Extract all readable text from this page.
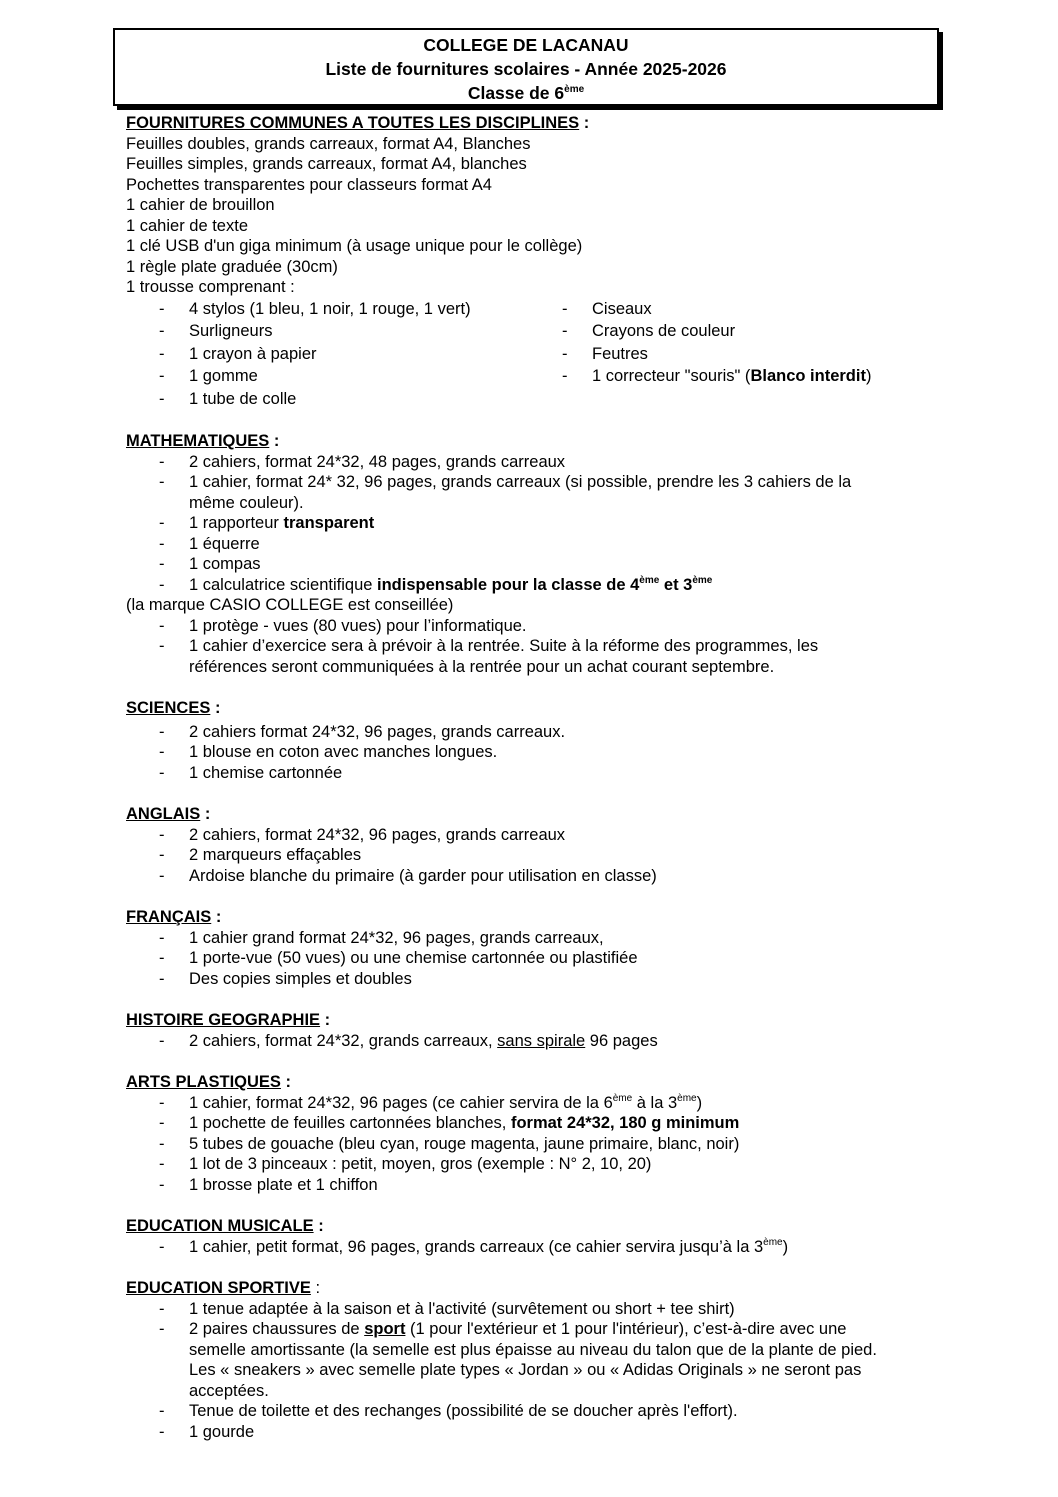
COLLEGE DE LACANAU
Liste de fournitures scolaires - Année 2025-2026
Classe de 6ème
FOURNITURES COMMUNES A TOUTES LES DISCIPLINES :
Feuilles doubles, grands carreaux, format A4, Blanches
Feuilles simples, grands carreaux, format A4, blanches
Pochettes transparentes pour classeurs format A4
1 cahier de brouillon
1 cahier de texte
1 clé USB d'un giga minimum (à usage unique pour le collège)
1 règle plate graduée (30cm)
1 trousse comprenant :
- 4 stylos (1 bleu, 1 noir, 1 rouge, 1 vert)
- Surligneurs
- 1 crayon à papier
- 1 gomme
- 1 tube de colle
- Ciseaux
- Crayons de couleur
- Feutres
- 1 correcteur "souris" (Blanco interdit)
MATHEMATIQUES :
- 2 cahiers, format 24*32, 48 pages, grands carreaux
- 1 cahier, format 24* 32, 96 pages, grands carreaux (si possible, prendre les 3 cahiers de la
même couleur).
- 1 rapporteur transparent
- 1 équerre
- 1 compas
- 1 calculatrice scientifique indispensable pour la classe de 4ème et 3ème
(la marque CASIO COLLEGE est conseillée)
- 1 protège - vues (80 vues) pour l’informatique.
- 1 cahier d’exercice sera à prévoir à la rentrée. Suite à la réforme des programmes, les
références seront communiquées à la rentrée pour un achat courant septembre.
SCIENCES :
- 2 cahiers format 24*32, 96 pages, grands carreaux.
- 1 blouse en coton avec manches longues.
- 1 chemise cartonnée
ANGLAIS :
- 2 cahiers, format 24*32, 96 pages, grands carreaux
- 2 marqueurs effaçables
- Ardoise blanche du primaire (à garder pour utilisation en classe)
FRANÇAIS :
- 1 cahier grand format 24*32, 96 pages, grands carreaux,
- 1 porte-vue (50 vues) ou une chemise cartonnée ou plastifiée
- Des copies simples et doubles
HISTOIRE GEOGRAPHIE :
- 2 cahiers, format 24*32, grands carreaux, sans spirale 96 pages
ARTS PLASTIQUES :
- 1 cahier, format 24*32, 96 pages (ce cahier servira de la 6ème à la 3ème)
- 1 pochette de feuilles cartonnées blanches, format 24*32, 180 g minimum
- 5 tubes de gouache (bleu cyan, rouge magenta, jaune primaire, blanc, noir)
- 1 lot de 3 pinceaux : petit, moyen, gros (exemple : N° 2, 10, 20)
- 1 brosse plate et 1 chiffon
EDUCATION MUSICALE :
- 1 cahier, petit format, 96 pages, grands carreaux (ce cahier servira jusqu’à la 3ème)
EDUCATION SPORTIVE :
- 1 tenue adaptée à la saison et à l'activité (survêtement ou short + tee shirt)
- 2 paires chaussures de sport (1 pour l'extérieur et 1 pour l'intérieur), c’est-à-dire avec une
semelle amortissante (la semelle est plus épaisse au niveau du talon que de la plante de pied.
Les « sneakers » avec semelle plate types « Jordan » ou « Adidas Originals » ne seront pas
acceptées.
- Tenue de toilette et des rechanges (possibilité de se doucher après l'effort).
- 1 gourde
